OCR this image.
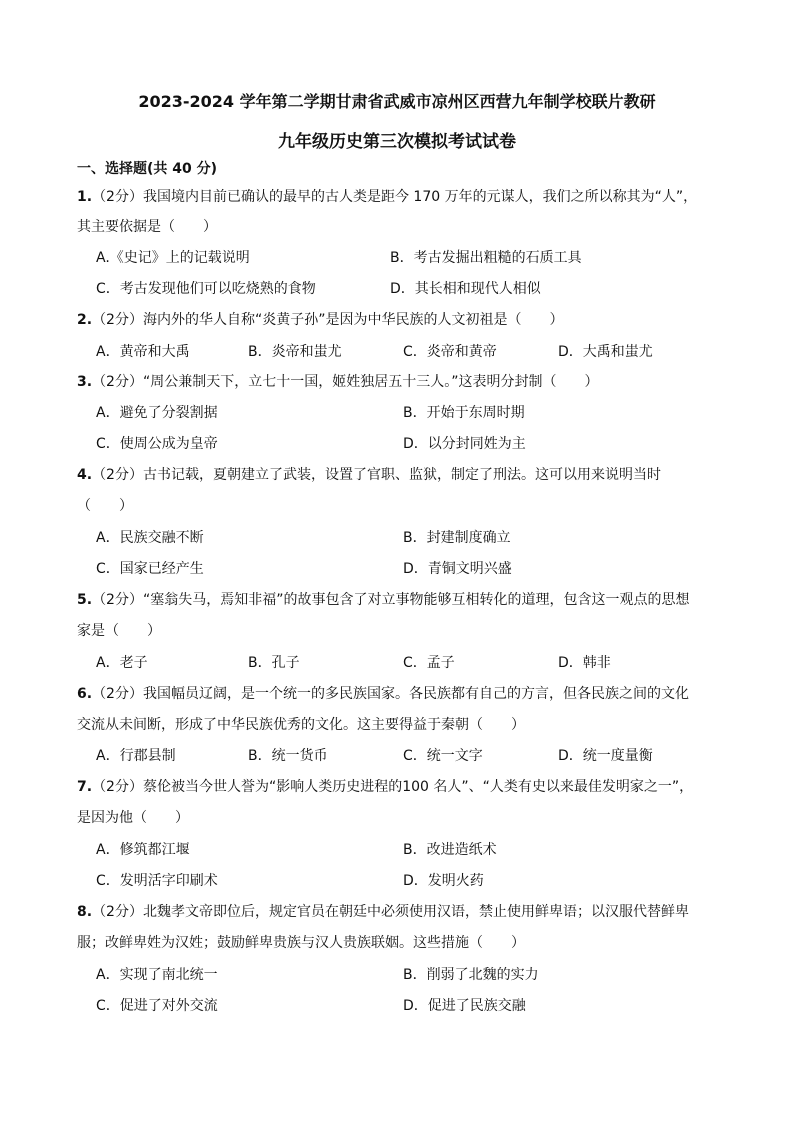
2023-2024 学年第二学期甘肃省武威市凉州区西营九年制学校联片教研
九年级历史第三次模拟考试试卷
一、选择题(共 40 分)
1.（2分）我国境内目前已确认的最早的古人类是距今 170 万年的元谋人，我们之所以称其为“人”，
其主要依据是（　　）
A.《史记》上的记载说明	B．考古发掘出粗糙的石质工具
C．考古发现他们可以吃烧熟的食物	D．其长相和现代人相似
2.（2分）海内外的华人自称“炎黄子孙”是因为中华民族的人文初祖是（　　）
A．黄帝和大禹	B．炎帝和蚩尤	C．炎帝和黄帝	D．大禹和蚩尤
3.（2分）“周公兼制天下，立七十一国，姬姓独居五十三人。”这表明分封制（　　）
A．避免了分裂割据	B．开始于东周时期
C．使周公成为皇帝	D．以分封同姓为主
4.（2分）古书记载，夏朝建立了武装，设置了官职、监狱，制定了刑法。这可以用来说明当时
（　　）
A．民族交融不断	B．封建制度确立
C．国家已经产生	D．青铜文明兴盛
5.（2分）“塞翁失马，焉知非福”的故事包含了对立事物能够互相转化的道理，包含这一观点的思想
家是（　　）
A．老子	B．孔子	C．孟子	D．韩非
6.（2分）我国幅员辽阔，是一个统一的多民族国家。各民族都有自己的方言，但各民族之间的文化
交流从未间断，形成了中华民族优秀的文化。这主要得益于秦朝（　　）
A．行郡县制	B．统一货币	C．统一文字	D．统一度量衡
7.（2分）蔡伦被当今世人誉为“影响人类历史进程的100 名人”、“人类有史以来最佳发明家之一”，
是因为他（　　）
A．修筑都江堰	B．改进造纸术
C．发明活字印刷术	D．发明火药
8.（2分）北魏孝文帝即位后，规定官员在朝廷中必须使用汉语，禁止使用鲜卑语；以汉服代替鲜卑
服；改鲜卑姓为汉姓；鼓励鲜卑贵族与汉人贵族联姻。这些措施（　　）
A．实现了南北统一	B．削弱了北魏的实力
C．促进了对外交流	D．促进了民族交融
